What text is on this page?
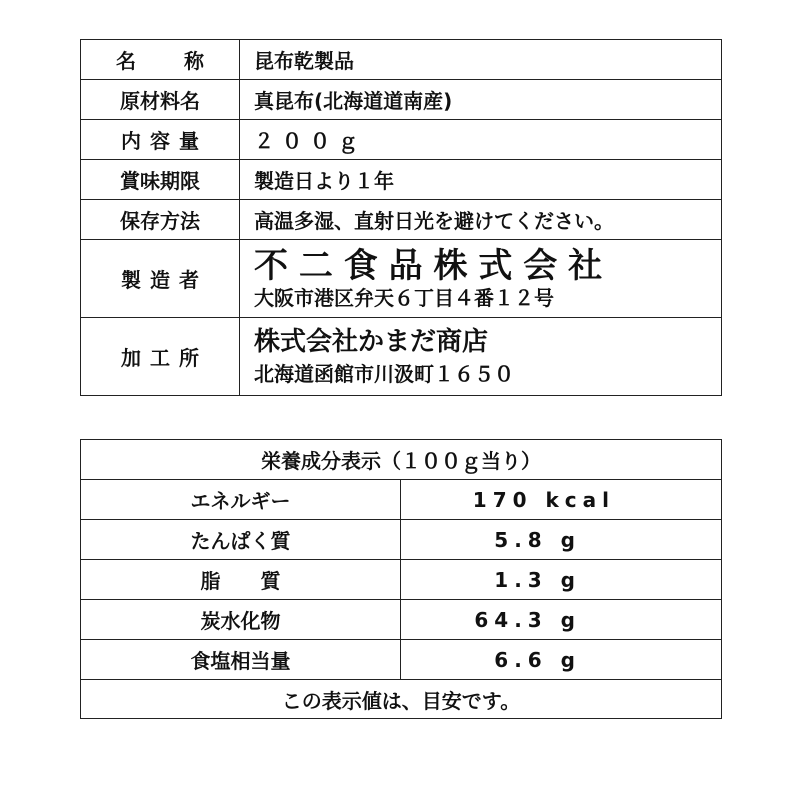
名称	昆布乾製品
原材料名	真昆布(北海道道南産)
内容量	２００ｇ
賞味期限	製造日より１年
保存方法	高温多湿、直射日光を避けてください。
製造者	不二食品株式会社
大阪市港区弁天６丁目４番１２号

加工所	株式会社かまだ商店
北海道函館市川汲町１６５０
栄養成分表示（１００ｇ当り）	
エネルギー	170 kcal
たんぱく質	5.8 g
脂　　質	1.3 g
炭水化物	64.3 g
食塩相当量	6.6 g
この表示値は、目安です。	
